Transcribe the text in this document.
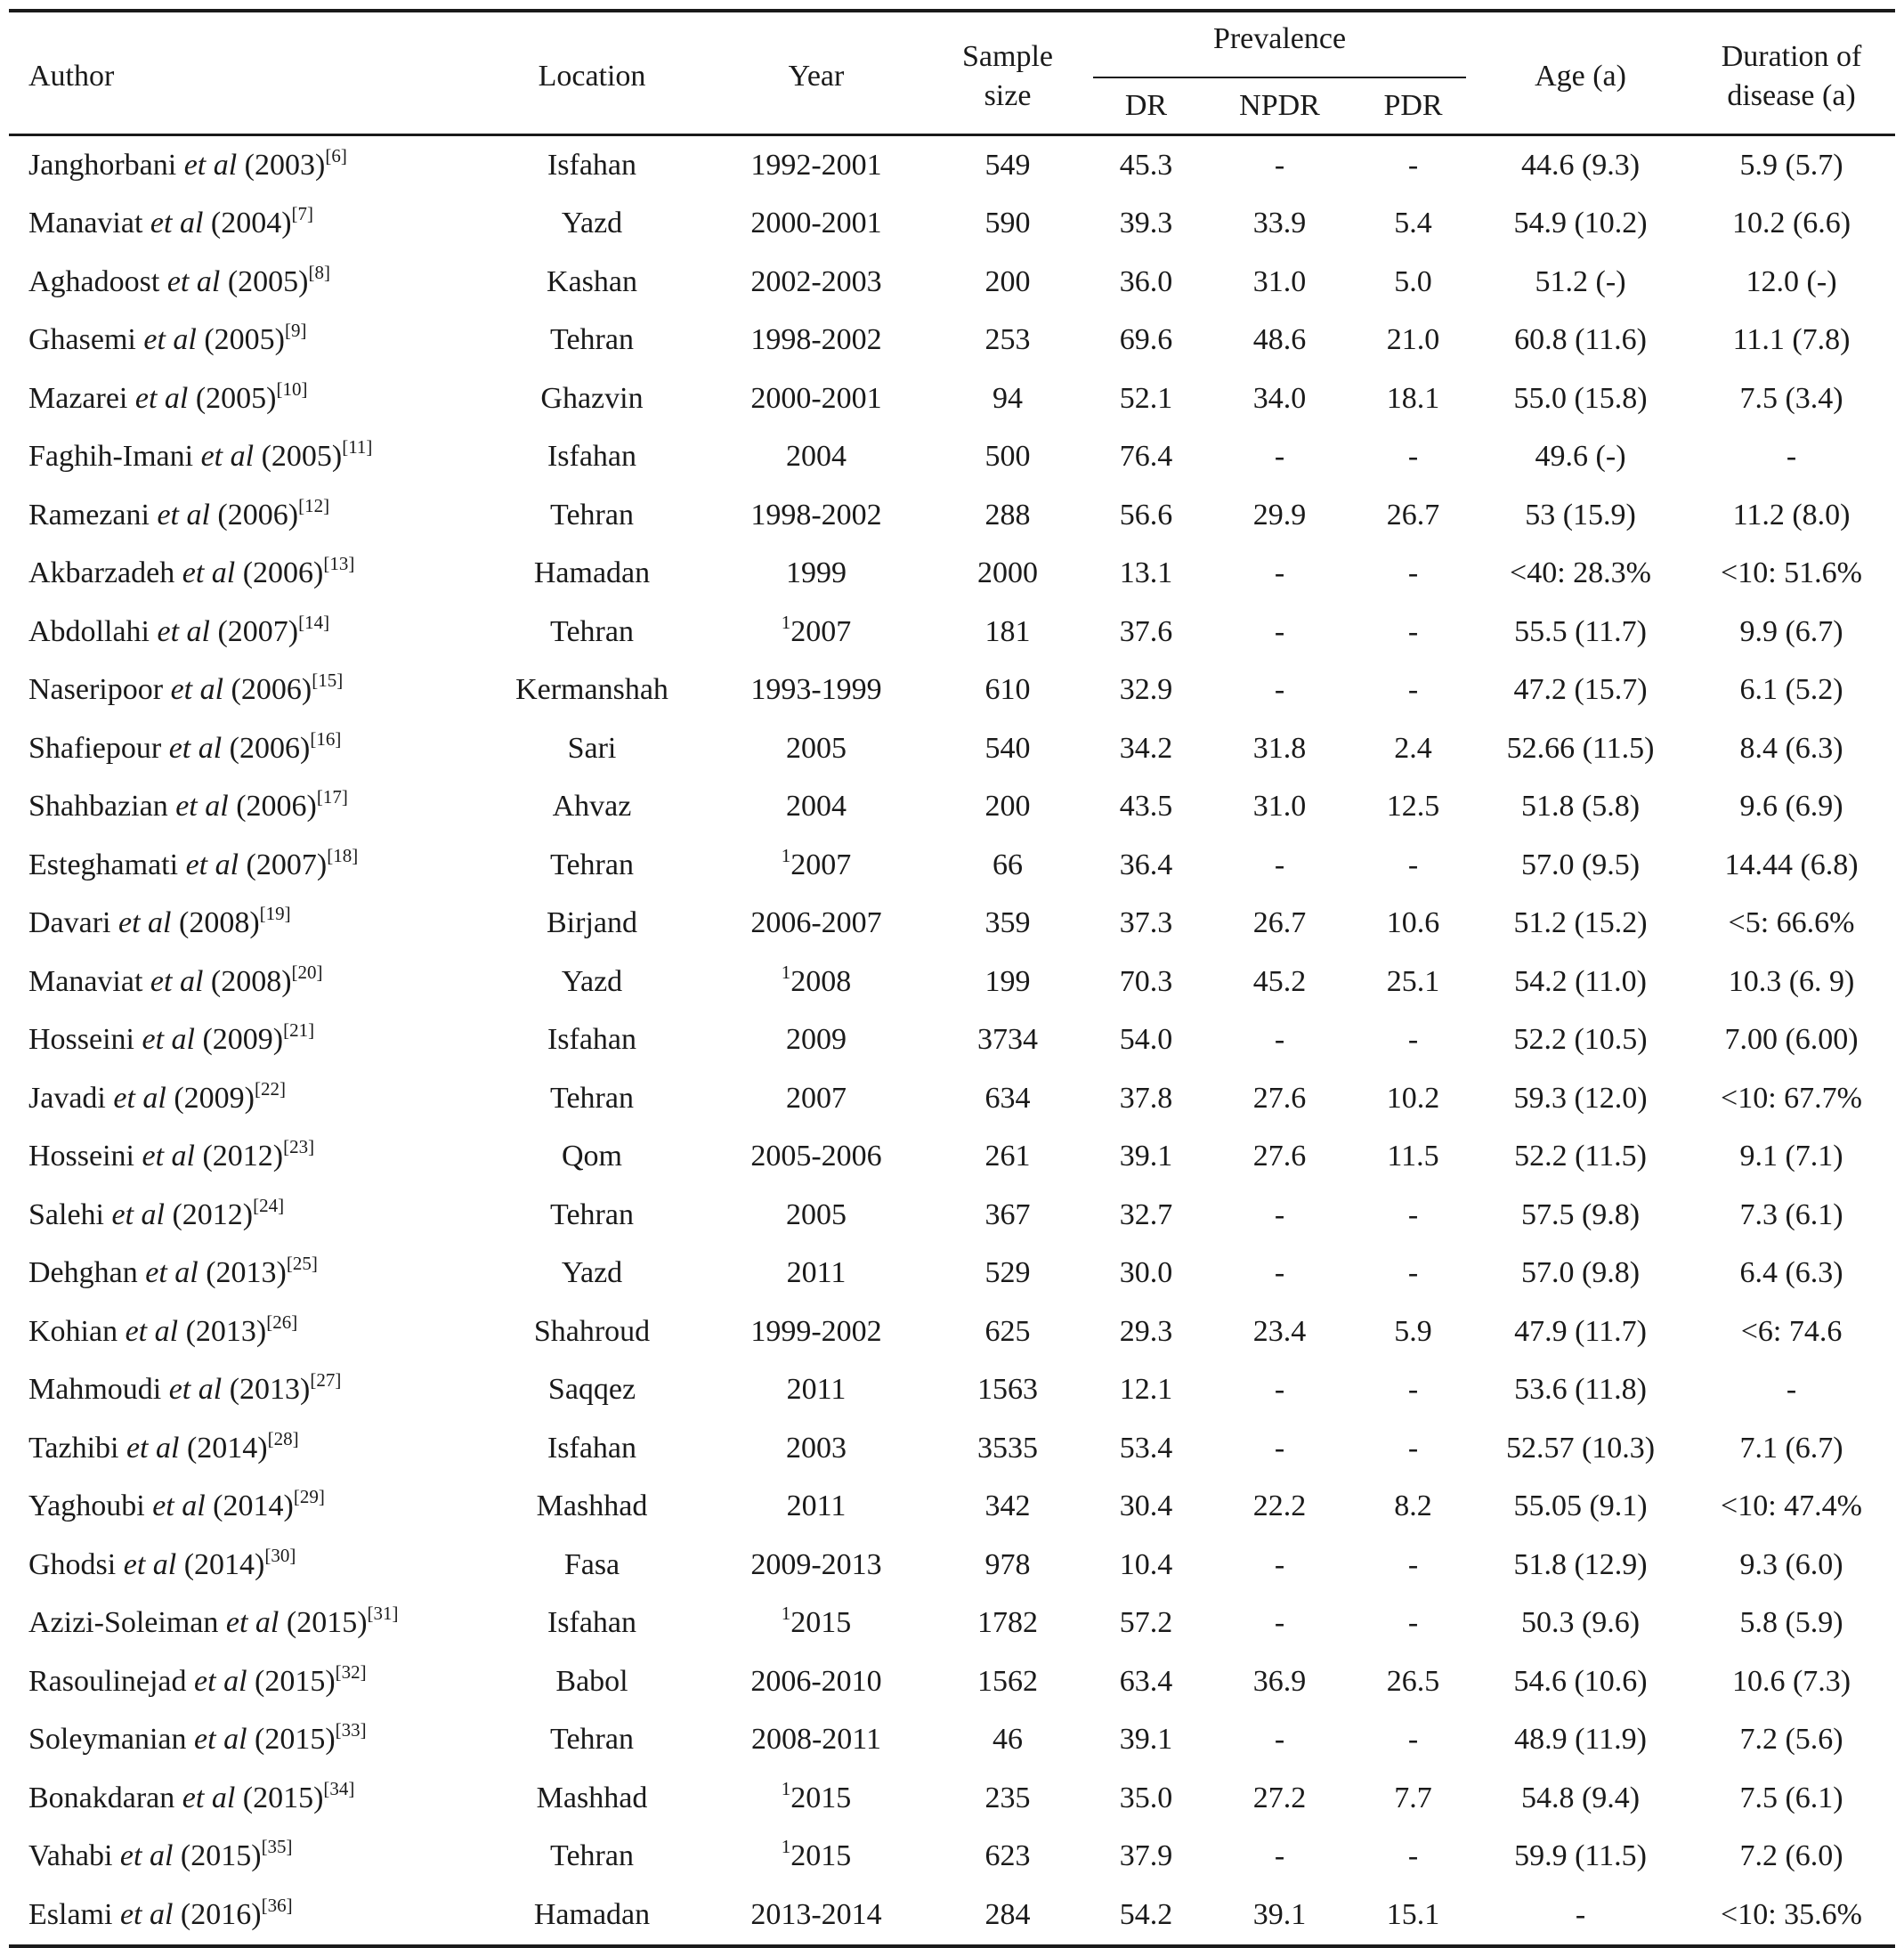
Author	Location	Year	Sample size	Prevalence			Age (a)	Duration of disease (a)
				DR	NPDR	PDR		
Janghorbani et al (2003)[6]	Isfahan	1992-2001	549	45.3	-	-	44.6 (9.3)	5.9 (5.7)
Manaviat et al (2004)[7]	Yazd	2000-2001	590	39.3	33.9	5.4	54.9 (10.2)	10.2 (6.6)
Aghadoost et al (2005)[8]	Kashan	2002-2003	200	36.0	31.0	5.0	51.2 (-)	12.0 (-)
Ghasemi et al (2005)[9]	Tehran	1998-2002	253	69.6	48.6	21.0	60.8 (11.6)	11.1 (7.8)
Mazarei et al (2005)[10]	Ghazvin	2000-2001	94	52.1	34.0	18.1	55.0 (15.8)	7.5 (3.4)
Faghih-Imani et al (2005)[11]	Isfahan	2004	500	76.4	-	-	49.6 (-)	-
Ramezani et al (2006)[12]	Tehran	1998-2002	288	56.6	29.9	26.7	53 (15.9)	11.2 (8.0)
Akbarzadeh et al (2006)[13]	Hamadan	1999	2000	13.1	-	-	<40: 28.3%	<10: 51.6%
Abdollahi et al (2007)[14]	Tehran	$^1$2007	181	37.6	-	-	55.5 (11.7)	9.9 (6.7)
Naseripoor et al (2006)[15]	Kermanshah	1993-1999	610	32.9	-	-	47.2 (15.7)	6.1 (5.2)
Shafiepour et al (2006)[16]	Sari	2005	540	34.2	31.8	2.4	52.66 (11.5)	8.4 (6.3)
Shahbazian et al (2006)[17]	Ahvaz	2004	200	43.5	31.0	12.5	51.8 (5.8)	9.6 (6.9)
Esteghamati et al (2007)[18]	Tehran	$^1$2007	66	36.4	-	-	57.0 (9.5)	14.44 (6.8)
Davari et al (2008)[19]	Birjand	2006-2007	359	37.3	26.7	10.6	51.2 (15.2)	<5: 66.6%
Manaviat et al (2008)[20]	Yazd	$^1$2008	199	70.3	45.2	25.1	54.2 (11.0)	10.3 (6. 9)
Hosseini et al (2009)[21]	Isfahan	2009	3734	54.0	-	-	52.2 (10.5)	7.00 (6.00)
Javadi et al (2009)[22]	Tehran	2007	634	37.8	27.6	10.2	59.3 (12.0)	<10: 67.7%
Hosseini et al (2012)[23]	Qom	2005-2006	261	39.1	27.6	11.5	52.2 (11.5)	9.1 (7.1)
Salehi et al (2012)[24]	Tehran	2005	367	32.7	-	-	57.5 (9.8)	7.3 (6.1)
Dehghan et al (2013)[25]	Yazd	2011	529	30.0	-	-	57.0 (9.8)	6.4 (6.3)
Kohian et al (2013)[26]	Shahroud	1999-2002	625	29.3	23.4	5.9	47.9 (11.7)	<6: 74.6
Mahmoudi et al (2013)[27]	Saqqez	2011	1563	12.1	-	-	53.6 (11.8)	-
Tazhibi et al (2014)[28]	Isfahan	2003	3535	53.4	-	-	52.57 (10.3)	7.1 (6.7)
Yaghoubi et al (2014)[29]	Mashhad	2011	342	30.4	22.2	8.2	55.05 (9.1)	<10: 47.4%
Ghodsi et al (2014)[30]	Fasa	2009-2013	978	10.4	-	-	51.8 (12.9)	9.3 (6.0)
Azizi-Soleiman et al (2015)[31]	Isfahan	$^1$2015	1782	57.2	-	-	50.3 (9.6)	5.8 (5.9)
Rasoulinejad et al (2015)[32]	Babol	2006-2010	1562	63.4	36.9	26.5	54.6 (10.6)	10.6 (7.3)
Soleymanian et al (2015)[33]	Tehran	2008-2011	46	39.1	-	-	48.9 (11.9)	7.2 (5.6)
Bonakdaran et al (2015)[34]	Mashhad	$^1$2015	235	35.0	27.2	7.7	54.8 (9.4)	7.5 (6.1)
Vahabi et al (2015)[35]	Tehran	$^1$2015	623	37.9	-	-	59.9 (11.5)	7.2 (6.0)
Eslami et al (2016)[36]	Hamadan	2013-2014	284	54.2	39.1	15.1	-	<10: 35.6%
